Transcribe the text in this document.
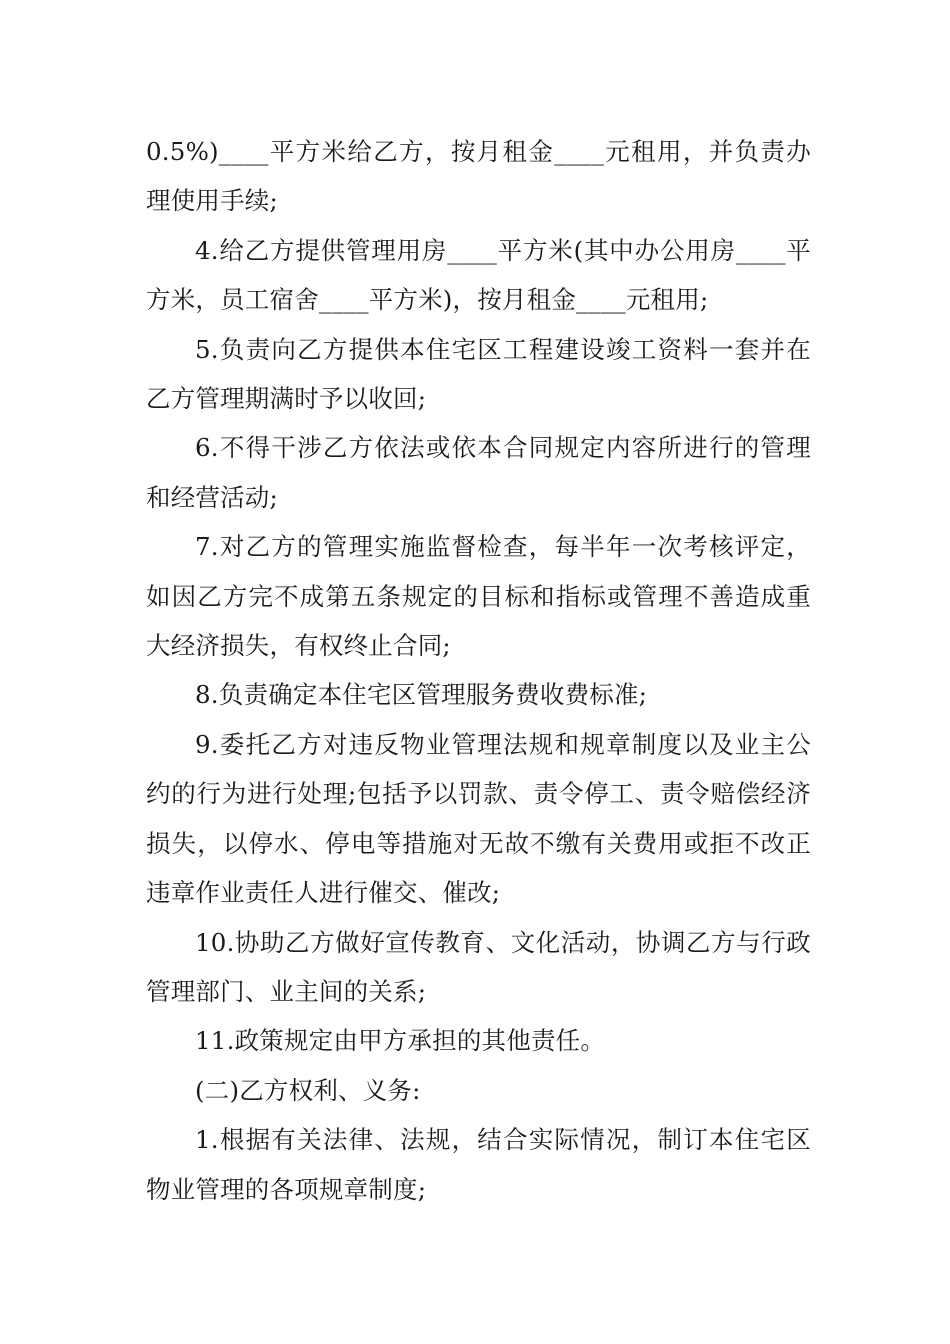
0.5%)____平方米给乙方，按月租金____元租用，并负责办理使用手续;

4.给乙方提供管理用房____平方米(其中办公用房____平方米，员工宿舍____平方米)，按月租金____元租用;

5.负责向乙方提供本住宅区工程建设竣工资料一套并在乙方管理期满时予以收回;

6.不得干涉乙方依法或依本合同规定内容所进行的管理和经营活动;

7.对乙方的管理实施监督检查，每半年一次考核评定，如因乙方完不成第五条规定的目标和指标或管理不善造成重大经济损失，有权终止合同;

8.负责确定本住宅区管理服务费收费标准;

9.委托乙方对违反物业管理法规和规章制度以及业主公约的行为进行处理;包括予以罚款、责令停工、责令赔偿经济损失，以停水、停电等措施对无故不缴有关费用或拒不改正违章作业责任人进行催交、催改;

10.协助乙方做好宣传教育、文化活动，协调乙方与行政管理部门、业主间的关系;

11.政策规定由甲方承担的其他责任。

(二)乙方权利、义务:

1.根据有关法律、法规，结合实际情况，制订本住宅区物业管理的各项规章制度;
